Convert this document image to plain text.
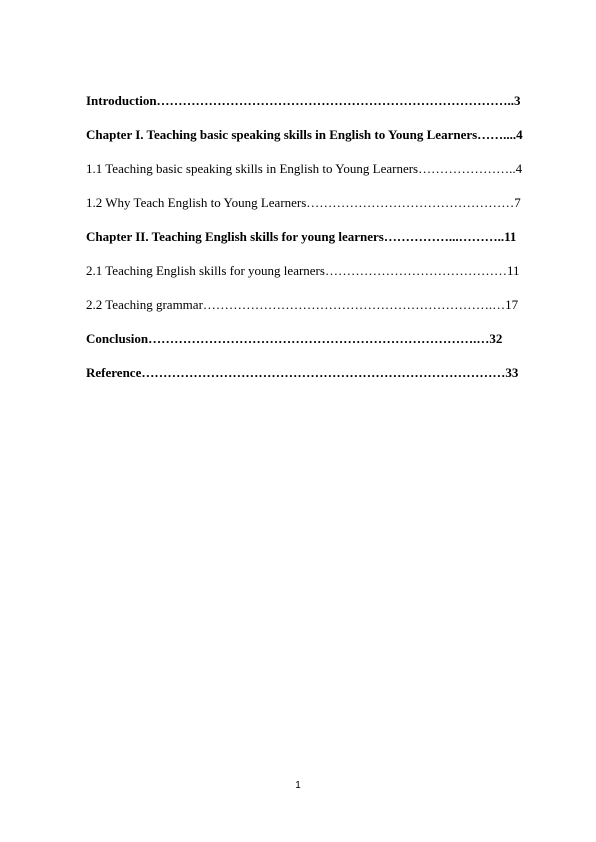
Introduction………………………………………………………………………..3

Chapter I. Teaching basic speaking skills in English to Young Learners……....4

1.1 Teaching basic speaking skills in English to Young Learners…………………..4

1.2 Why Teach English to Young Learners…………………………………………7

Chapter II. Teaching English skills for young learners……………...………..11

2.1 Teaching English skills for young learners……………………………………11

2.2 Teaching grammar………………………………………………………….…17

Conclusion………………………………………………………………….…32

Reference…………………………………………………………………………33

1
